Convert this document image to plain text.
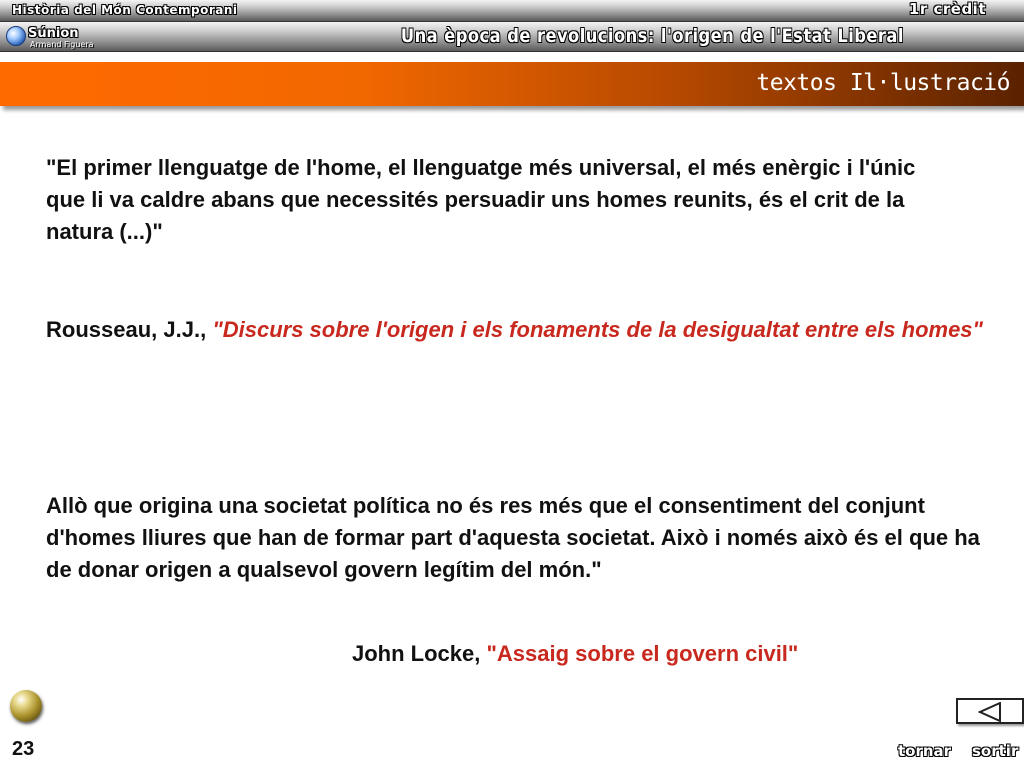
Història del Món Contemporani	1r crèdit
Una època de revolucions: l'origen de l'Estat Liberal
Súnion
Armand Figuera
textos Il·lustració

"El primer llenguatge de l'home, el llenguatge més universal, el més enèrgic i l'únic que li va caldre abans que necessités persuadir uns homes reunits, és el crit de la natura (...)"

Rousseau, J.J., "Discurs sobre l'origen i els fonaments de la desigualtat entre els homes"

Allò que origina una societat política no és res més que el consentiment del conjunt d'homes lliures que han de formar part d'aquesta societat. Això i només això és el que ha de donar origen a qualsevol govern legítim del món."

John Locke, "Assaig sobre el govern civil"

23	tornar sortir
